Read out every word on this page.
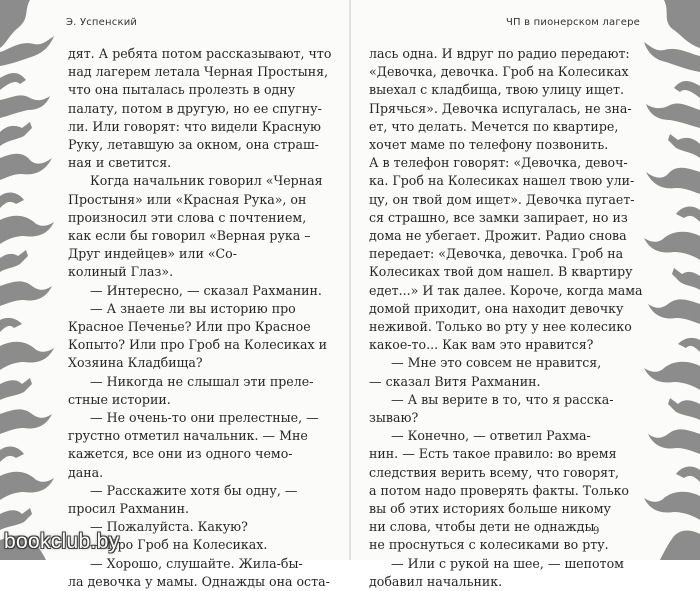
Э. Успенский	ЧП в пионерском лагере
дят. А ребята потом рассказывают, что
над лагерем летала Черная Простыня,
что она пыталась пролезть в одну
палату, потом в другую, но ее спугну-
ли. Или говорят: что видели Красную
Руку, летавшую за окном, она страш-
ная и светится.
Когда начальник говорил «Черная
Простыня» или «Красная Рука», он
произносил эти слова с почтением,
как если бы говорил «Верная рука –
Друг индейцев» или «Со-
колиный Глаз».
— Интересно, — сказал Рахманин.
— А знаете ли вы историю про
Красное Печенье? Или про Красное
Копыто? Или про Гроб на Колесиках и
Хозяина Кладбища?
— Никогда не слышал эти преле-
стные истории.
— Не очень-то они прелестные, —
грустно отметил начальник. — Мне
кажется, все они из одного чемо-
дана.
— Расскажите хотя бы одну, —
просил Рахманин.
— Пожалуйста. Какую?
— Про Гроб на Колесиках.
— Хорошо, слушайте. Жила-бы-
ла девочка у мамы. Однажды она оста-
лась одна. И вдруг по радио передают:
«Девочка, девочка. Гроб на Колесиках
выехал с кладбища, твою улицу ищет.
Прячься». Девочка испугалась, не зна-
ет, что делать. Мечется по квартире,
хочет маме по телефону позвонить.
А в телефон говорят: «Девочка, девоч-
ка. Гроб на Колесиках нашел твою ули-
цу, он твой дом ищет». Девочка пугает-
ся страшно, все замки запирает, но из
дома не убегает. Дрожит. Радио снова
передает: «Девочка, девочка. Гроб на
Колесиках твой дом нашел. В квартиру
едет...» И так далее. Короче, когда мама
домой приходит, она находит девочку
неживой. Только во рту у нее колесико
какое-то... Как вам это нравится?
— Мне это совсем не нравится,
— сказал Витя Рахманин.
— А вы верите в то, что я расска-
зываю?
— Конечно, — ответил Рахма-
нин. — Есть такое правило: во время
следствия верить всему, что говорят,
а потом надо проверять факты. Только
вы об этих историях больше никому
ни слова, чтобы дети не однажды
не проснуться с колесиками во рту.
— Или с рукой на шее, — шепотом
добавил начальник.
9
bookclub.by
